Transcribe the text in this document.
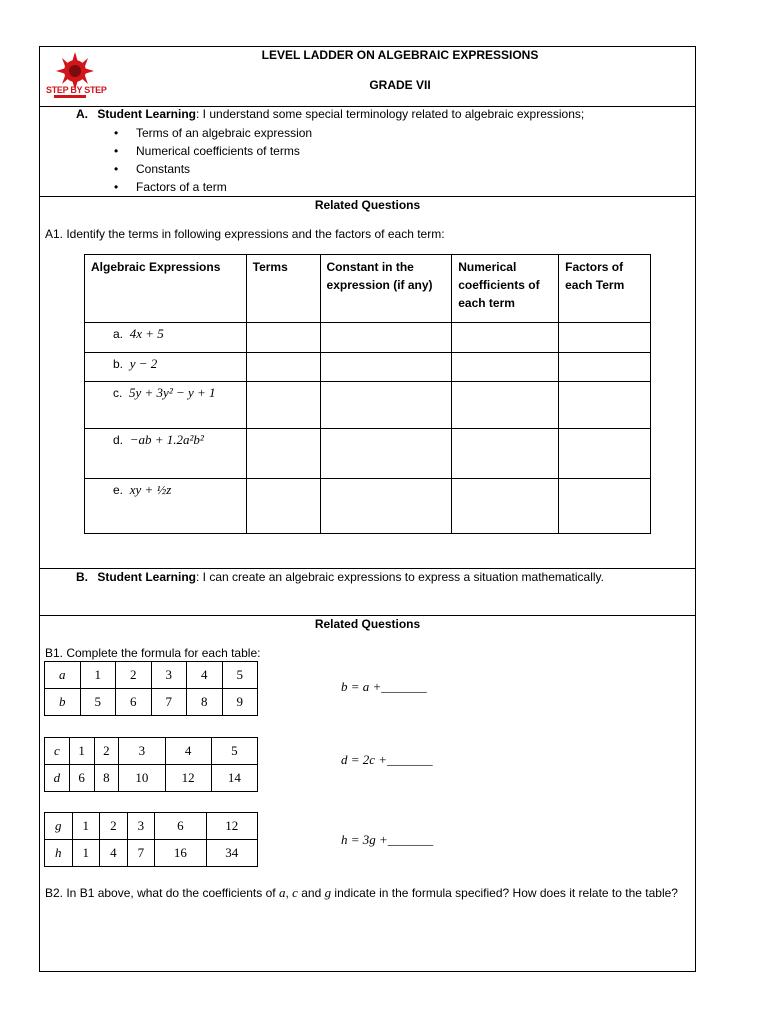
STEP BY STEP
LEVEL LADDER ON ALGEBRAIC EXPRESSIONS
GRADE VII
A. Student Learning: I understand some special terminology related to algebraic expressions;
• Terms of an algebraic expression
• Numerical coefficients of terms
• Constants
• Factors of a term
Related Questions
A1. Identify the terms in following expressions and the factors of each term:
Algebraic Expressions	Terms	Constant in the expression (if any)	Numerical coefficients of each term	Factors of each Term
a. 4x + 5				
b. y − 2				
c. 5y + 3y² − y + 1				
d. −ab + 1.2a²b²				
e. xy + ½z				
B. Student Learning: I can create an algebraic expressions to express a situation mathematically.
Related Questions
B1. Complete the formula for each table:
a	1	2	3	4	5
b	5	6	7	8	9
b = a +_______
c	1	2	3	4	5
d	6	8	10	12	14
d = 2c +_______
g	1	2	3	6	12
h	1	4	7	16	34
h = 3g +_______
B2. In B1 above, what do the coefficients of a, c and g indicate in the formula specified? How does it relate to the table?
